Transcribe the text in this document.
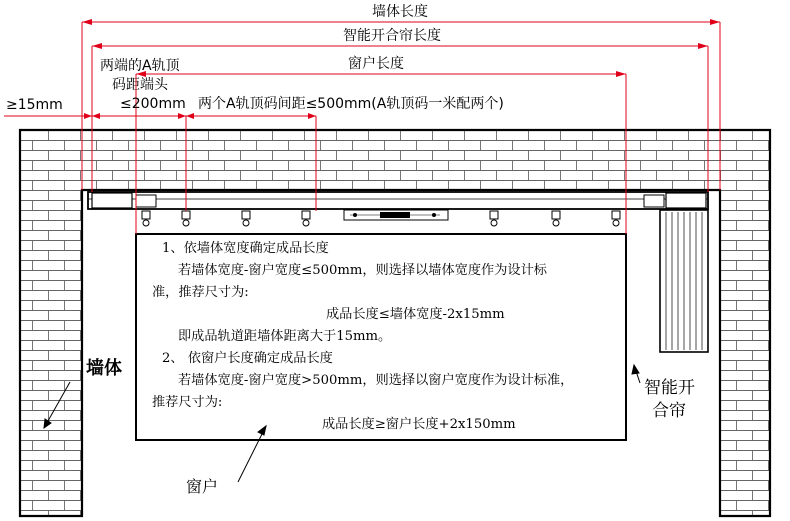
墙体长度
智能开合帘长度
窗户长度
≥15mm
两端的A轨顶
码距端头
≤200mm 两个A轨顶码间距≤500mm(A轨顶码一米配两个)
墙体
智能开
合帘
窗户
1、依墙体宽度确定成品长度
若墙体宽度-窗户宽度≤500mm，则选择以墙体宽度作为设计标
准，推荐尺寸为:
成品长度≤墙体宽度-2x15mm
即成品轨道距墙体距离大于15mm。
2、 依窗户长度确定成品长度
若墙体宽度-窗户宽度>500mm，则选择以窗户宽度作为设计标准，
推荐尺寸为:
成品长度≥窗户长度+2x150mm
